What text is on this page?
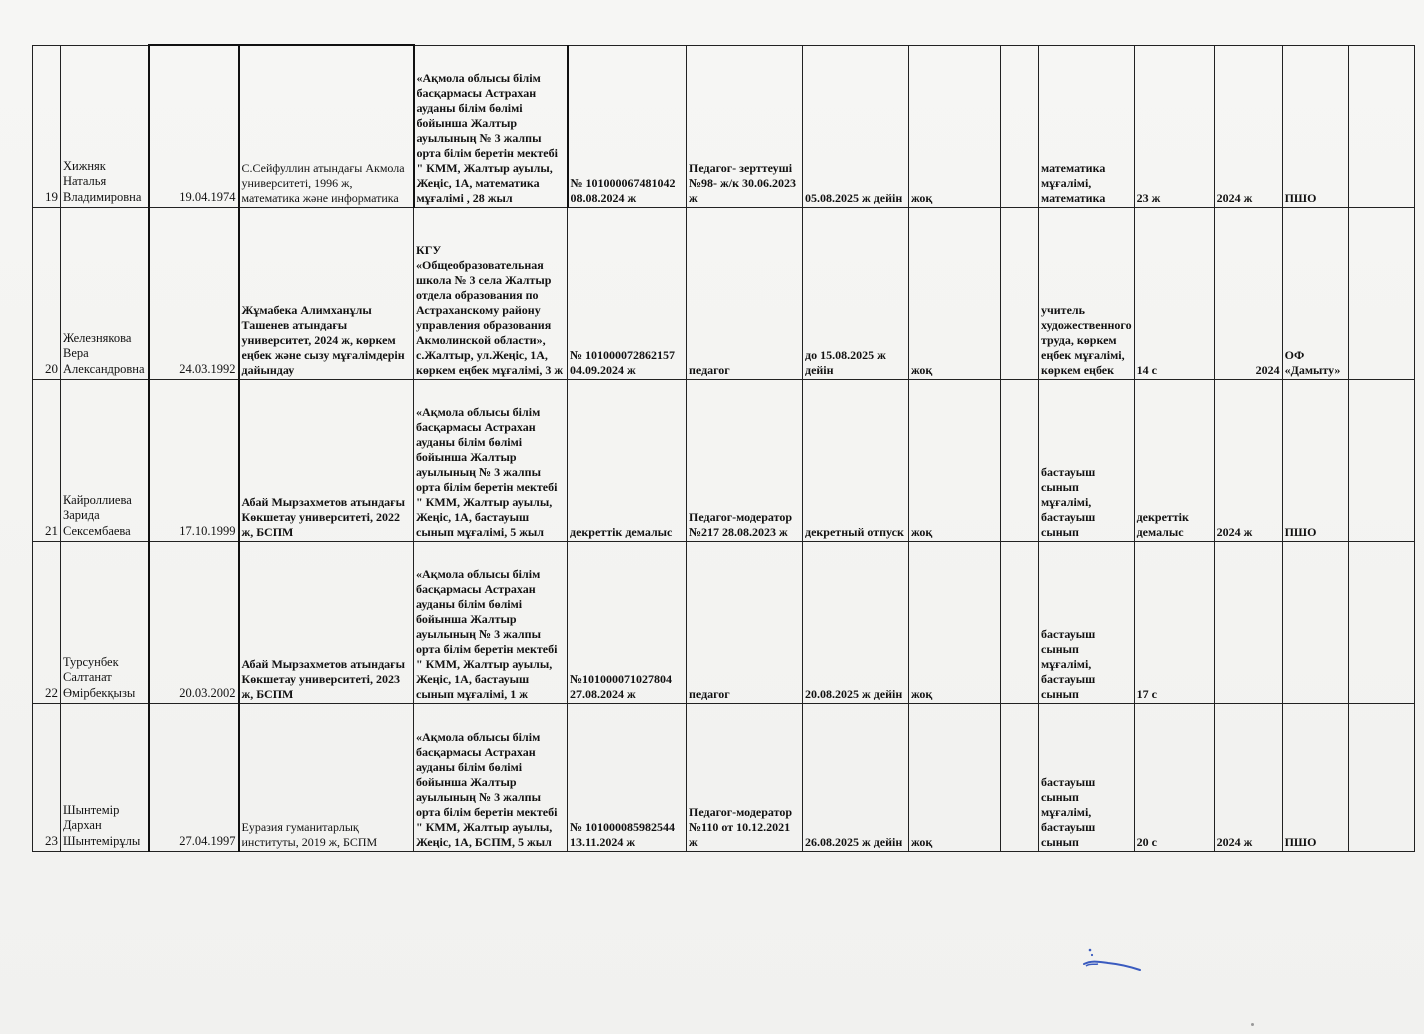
19	Хижняк Наталья Владимировна	19.04.1974	С.Сейфуллин атындағы Акмола университеті, 1996 ж, математика және информатика	«Ақмола облысы білім басқармасы Астрахан ауданы білім бөлімі бойынша Жалтыр ауылының № 3 жалпы орта білім беретін мектебі " КММ, Жалтыр ауылы, Жеңіс, 1А, математика мұғалімі , 28 жыл	№ 101000067481042 08.08.2024 ж	Педагог- зерттеуші №98- ж/к 30.06.2023 ж	05.08.2025 ж дейін	жоқ		математика мұғалімі, математика	23 ж	2024 ж	ПШО	
20	Железнякова Вера Александровна	24.03.1992	Жұмабека Алимханұлы Ташенев атындағы университет, 2024 ж, көркем еңбек және сызу мұғалімдерін дайындау	КГУ «Общеобразовательная школа № 3 села Жалтыр отдела образования по Астраханскому району управления образования Акмолинской области», с.Жалтыр, ул.Жеңіс, 1А, көркем еңбек мұғалімі, 3 ж	№ 101000072862157 04.09.2024 ж	педагог	до 15.08.2025 ж дейін	жоқ		учитель художественного труда, көркем еңбек мұғалімі, көркем еңбек	14 с	2024	ОФ «Дамыту»	
21	Кайроллиева Зарида Сексембаева	17.10.1999	Абай Мырзахметов атындағы Көкшетау университеті, 2022 ж, БСПМ	«Ақмола облысы білім басқармасы Астрахан ауданы білім бөлімі бойынша Жалтыр ауылының № 3 жалпы орта білім беретін мектебі " КММ, Жалтыр ауылы, Жеңіс, 1А, бастауыш сынып мұғалімі, 5 жыл	декреттік демалыс	Педагог-модератор №217 28.08.2023 ж	декретный отпуск	жоқ		бастауыш сынып мұғалімі, бастауыш сынып	декреттік демалыс	2024 ж	ПШО	
22	Турсунбек Салтанат Өмірбекқызы	20.03.2002	Абай Мырзахметов атындағы Көкшетау университеті, 2023 ж, БСПМ	«Ақмола облысы білім басқармасы Астрахан ауданы білім бөлімі бойынша Жалтыр ауылының № 3 жалпы орта білім беретін мектебі " КММ, Жалтыр ауылы, Жеңіс, 1А, бастауыш сынып мұғалімі, 1 ж	№101000071027804 27.08.2024 ж	педагог	20.08.2025 ж дейін	жоқ		бастауыш сынып мұғалімі, бастауыш сынып	17 с			
23	Шынтемір Дархан Шынтемірұлы	27.04.1997	Еуразия гуманитарлық институты, 2019 ж, БСПМ	«Ақмола облысы білім басқармасы Астрахан ауданы білім бөлімі бойынша Жалтыр ауылының № 3 жалпы орта білім беретін мектебі " КММ, Жалтыр ауылы, Жеңіс, 1А, БСПМ, 5 жыл	№ 101000085982544 13.11.2024 ж	Педагог-модератор №110 от 10.12.2021 ж	26.08.2025 ж дейін	жоқ		бастауыш сынып мұғалімі, бастауыш сынып	20 с	2024 ж	ПШО	
